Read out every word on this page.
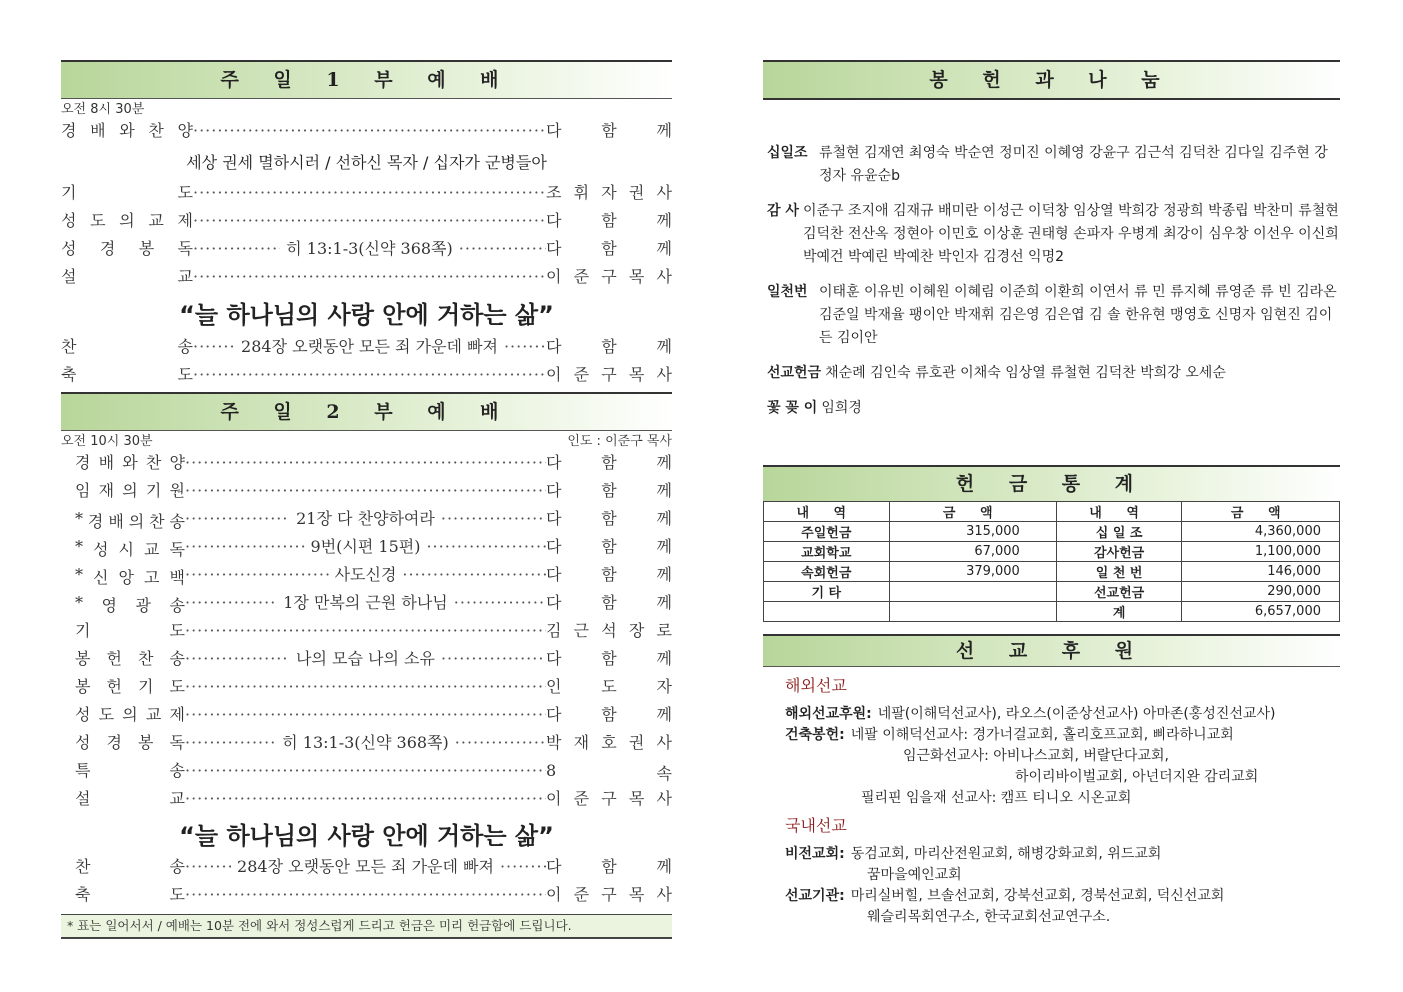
주 일 1 부 예 배
오전 8시 30분
경 배 와 찬 양 ·····	다 함 께
세상 권세 멸하시러 / 선하신 목자 / 십자가 군병들아
기	도 ·····	조 휘 자 권 사
성 도 의 교 제 ·····	다 함 께
성 경 봉 독 ·····	히 13:1-3(신약 368쪽) ·····	다 함 께
설	교 ·····	이 준 구 목 사
“늘 하나님의 사랑 안에 거하는 삶”
찬	송 ·····	284장 오랫동안 모든 죄 가운데 빠져 ·····	다 함 께
축	도 ·····	이 준 구 목 사
주 일 2 부 예 배
오전 10시 30분	인도 : 이준구 목사
경 배 와 찬 양 ·····	다 함 께
임 재 의 기 원 ·····	다 함 께
* 경 배 의 찬 송 ·····	21장 다 찬양하여라 ·····	다 함 께
* 성 시 교 독 ·····	9번(시편 15편) ·····	다 함 께
* 신 앙 고 백 ·····	사도신경 ·····	다 함 께
* 영 광 송 ·····	1장 만복의 근원 하나님 ·····	다 함 께
기	도 ·····	김 근 석 장 로
봉 헌 찬 송 ·····	나의 모습 나의 소유 ·····	다 함 께
봉 헌 기 도 ·····	인 도 자
성 도 의 교 제 ·····	다 함 께
성 경 봉 독 ·····	히 13:1-3(신약 368쪽) ·····	박 재 호 권 사
특	송 ·····	8	속
설	교 ·····	이 준 구 목 사
“늘 하나님의 사랑 안에 거하는 삶”
찬	송 ·····	284장 오랫동안 모든 죄 가운데 빠져 ·····	다 함 께
축	도 ·····	이 준 구 목 사
* 표는 일어서서 / 예배는 10분 전에 와서 정성스럽게 드리고 헌금은 미리 헌금함에 드립니다.
봉 헌 과 나 눔
십일조 류철현 김재연 최영숙 박순연 정미진 이혜영 강윤구 김근석 김덕찬 김다일 김주현 강정자 유윤순b
감 사 이준구 조지애 김재규 배미란 이성근 이덕창 임상열 박희강 정광희 박종립 박찬미 류철현 김덕찬 전산옥 정현아 이민호 이상훈 권태형 손파자 우병계 최강이 심우창 이선우 이신희 박예건 박예린 박예찬 박인자 김경선 익명2
일천번 이태훈 이유빈 이혜원 이혜림 이준희 이환희 이연서 류 민 류지혜 류영준 류 빈 김라온 김준일 박재율 팽이안 박재휘 김은영 김은엽 김 솔 한유현 맹영호 신명자 임현진 김이든 김이안
선교헌금 채순례 김인숙 류호관 이채숙 임상열 류철현 김덕찬 박희강 오세순
꽃 꽂 이 임희경
헌 금 통 계
내 역	금 액	내 역	금 액
주일헌금	315,000	십 일 조	4,360,000
교회학교	67,000	감사헌금	1,100,000
속회헌금	379,000	일 천 번	146,000
기 타		선교헌금	290,000
		계	6,657,000
선 교 후 원
해외선교
해외선교후원: 네팔(이해덕선교사), 라오스(이준상선교사) 아마존(홍성진선교사)
건축봉헌: 네팔 이해덕선교사: 경가너걸교회, 홀리호프교회, 삐라하니교회
임근화선교사: 아비나스교회, 버랄단다교회,
하이리바이벌교회, 아넌더지완 감리교회
필리핀 임을재 선교사: 캠프 티니오 시온교회
국내선교
비전교회: 동검교회, 마리산전원교회, 해병강화교회, 위드교회
꿈마을예인교회
선교기관: 마리실버힐, 브솔선교회, 강북선교회, 경북선교회, 덕신선교회
웨슬리목회연구소, 한국교회선교연구소.
